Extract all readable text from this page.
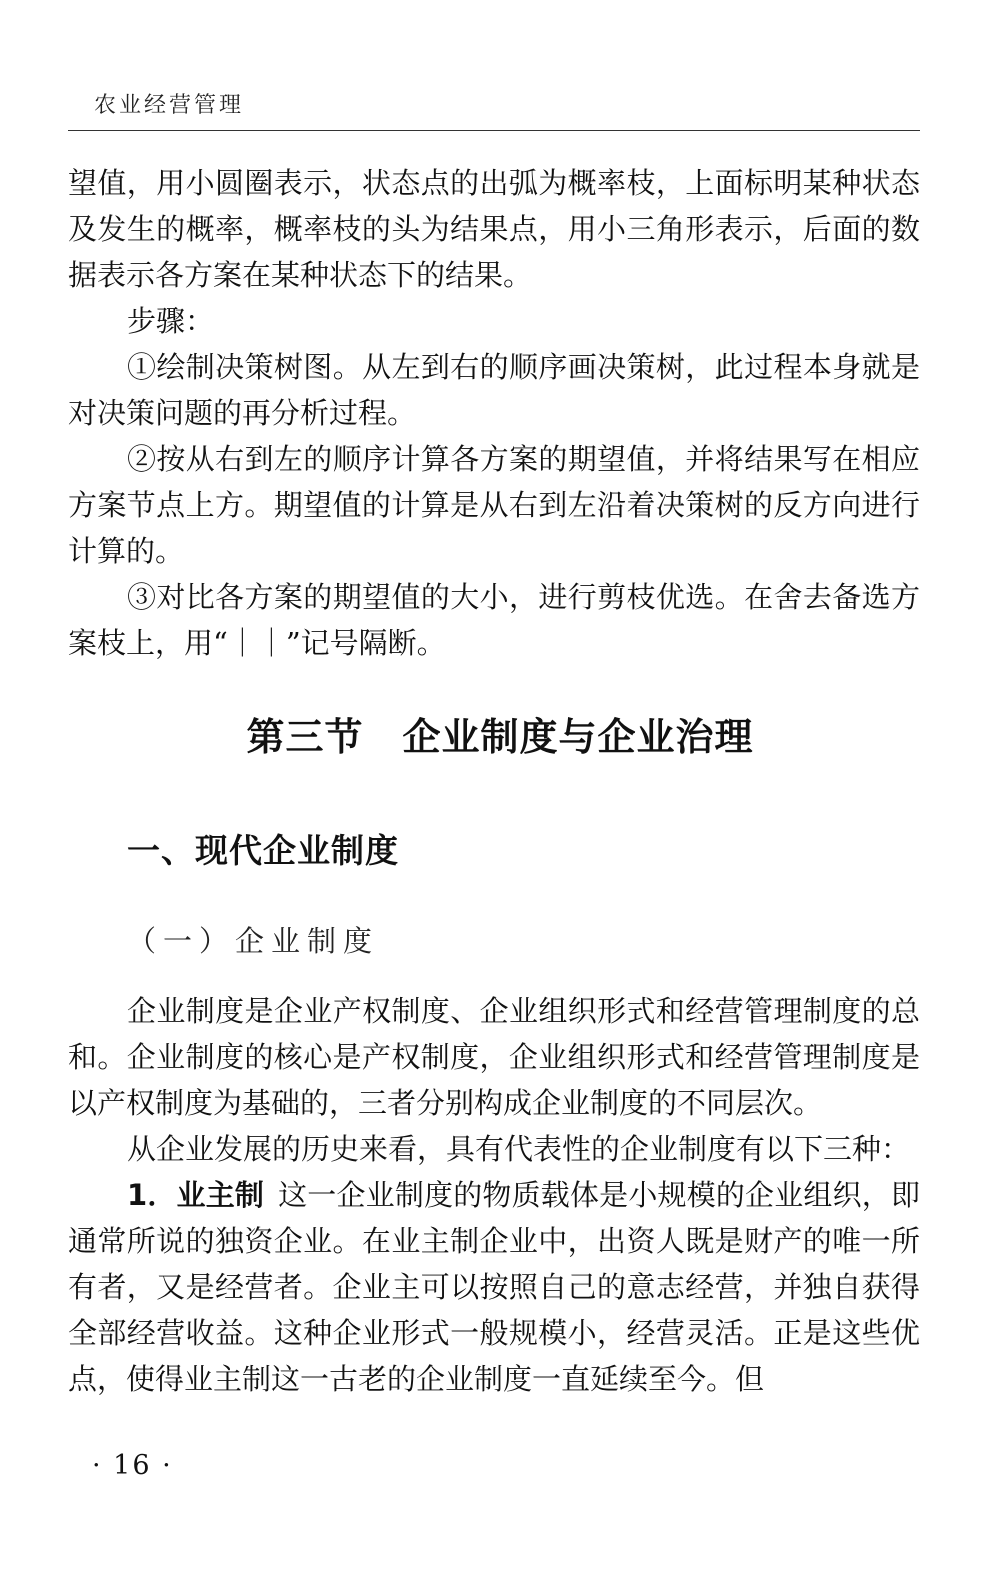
农业经营管理

望值，用小圆圈表示，状态点的出弧为概率枝，上面标明某种状态及发生的概率，概率枝的头为结果点，用小三角形表示，后面的数据表示各方案在某种状态下的结果。

步骤：

①绘制决策树图。从左到右的顺序画决策树，此过程本身就是对决策问题的再分析过程。

②按从右到左的顺序计算各方案的期望值，并将结果写在相应方案节点上方。期望值的计算是从右到左沿着决策树的反方向进行计算的。

③对比各方案的期望值的大小，进行剪枝优选。在舍去备选方案枝上，用“｜｜”记号隔断。

第三节　企业制度与企业治理
一、现代企业制度
（一）企业制度

企业制度是企业产权制度、企业组织形式和经营管理制度的总和。企业制度的核心是产权制度，企业组织形式和经营管理制度是以产权制度为基础的，三者分别构成企业制度的不同层次。

从企业发展的历史来看，具有代表性的企业制度有以下三种：

1．业主制 这一企业制度的物质载体是小规模的企业组织，即通常所说的独资企业。在业主制企业中，出资人既是财产的唯一所有者，又是经营者。企业主可以按照自己的意志经营，并独自获得全部经营收益。这种企业形式一般规模小，经营灵活。正是这些优点，使得业主制这一古老的企业制度一直延续至今。但

· 16 ·
